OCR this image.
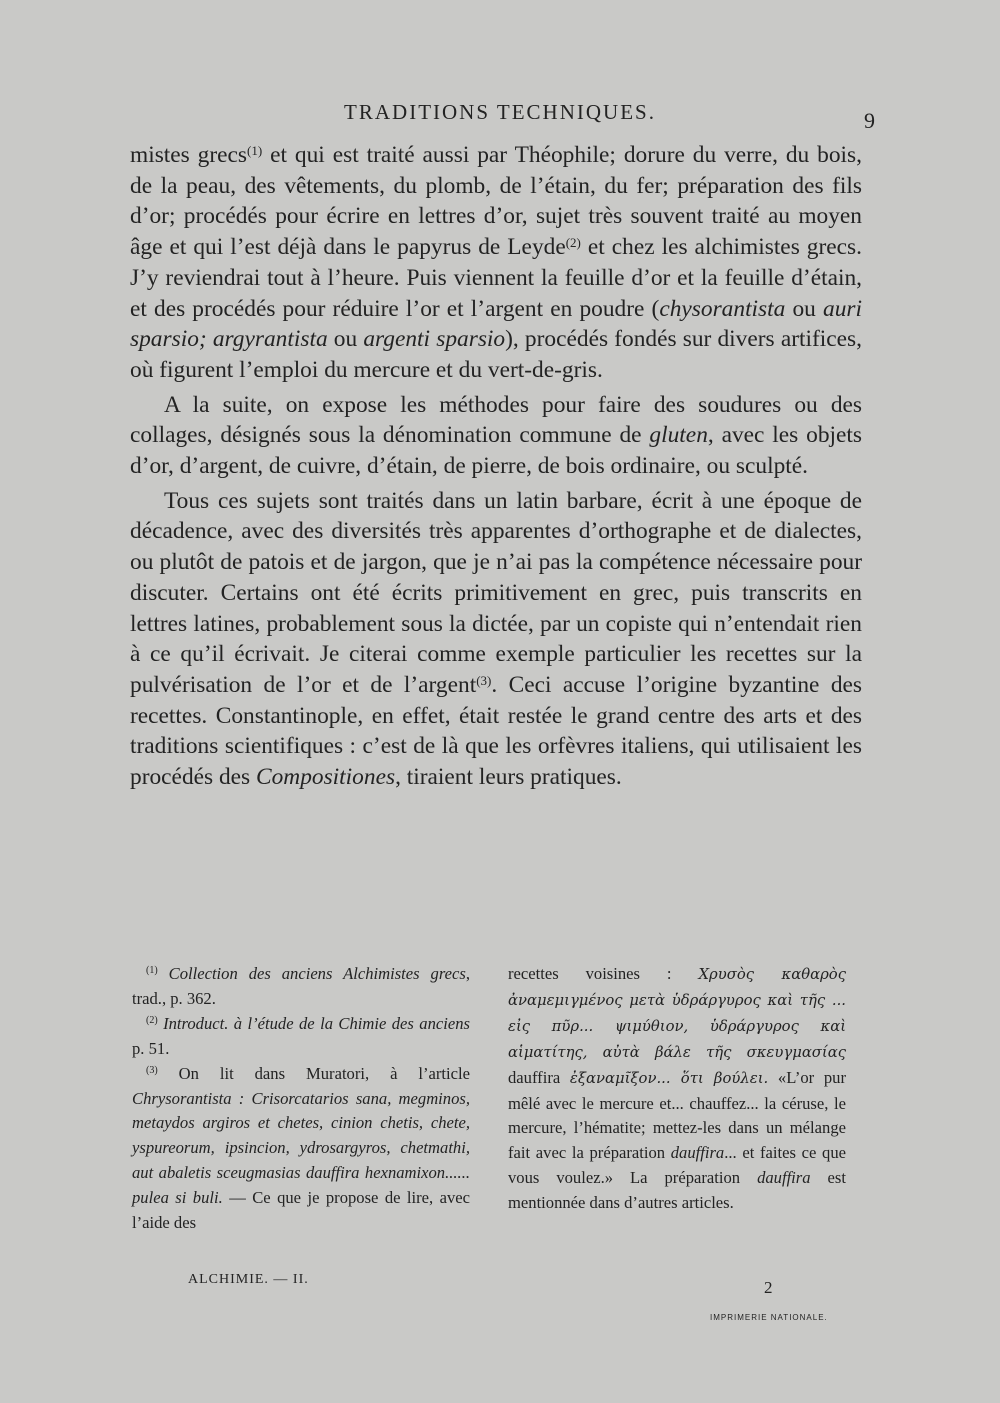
TRADITIONS TECHNIQUES.	9

mistes grecs$^{(1)}$ et qui est traité aussi par Théophile; dorure du verre, du bois, de la peau, des vêtements, du plomb, de l’étain, du fer; préparation des fils d’or; procédés pour écrire en lettres d’or, sujet très souvent traité au moyen âge et qui l’est déjà dans le papyrus de Leyde$^{(2)}$ et chez les alchimistes grecs. J’y reviendrai tout à l’heure. Puis viennent la feuille d’or et la feuille d’étain, et des procédés pour réduire l’or et l’argent en poudre (chysorantista ou auri sparsio; argyrantista ou argenti sparsio), procédés fondés sur divers artifices, où figurent l’emploi du mercure et du vert-de-gris.

A la suite, on expose les méthodes pour faire des soudures ou des collages, désignés sous la dénomination commune de gluten, avec les objets d’or, d’argent, de cuivre, d’étain, de pierre, de bois ordinaire, ou sculpté.

Tous ces sujets sont traités dans un latin barbare, écrit à une époque de décadence, avec des diversités très apparentes d’orthographe et de dialectes, ou plutôt de patois et de jargon, que je n’ai pas la compétence nécessaire pour discuter. Certains ont été écrits primitivement en grec, puis transcrits en lettres latines, probablement sous la dictée, par un copiste qui n’entendait rien à ce qu’il écrivait. Je citerai comme exemple particulier les recettes sur la pulvérisation de l’or et de l’argent$^{(3)}$. Ceci accuse l’origine byzantine des recettes. Constantinople, en effet, était restée le grand centre des arts et des traditions scientifiques : c’est de là que les orfèvres italiens, qui utilisaient les procédés des Compositiones, tiraient leurs pratiques.

$^{(1)}$ Collection des anciens Alchimistes grecs, trad., p. 362.

$^{(2)}$ Introduct. à l’étude de la Chimie des anciens p. 51.

$^{(3)}$ On lit dans Muratori, à l’article Chrysorantista : Crisorcatarios sana, megminos, metaydos argiros et chetes, cinion chetis, chete, yspureorum, ipsincion, ydrosargyros, chetmathi, aut abaletis sceugmasias dauffira hexnamixon...... pulea si buli. — Ce que je propose de lire, avec l’aide des

recettes voisines : Χρυσὸς καθαρὸς ἀναμεμιγμένος μετὰ ὑδράργυρος καὶ τῆς ... εἰς πῦρ... ψιμύθιον, ὑδράργυρος καὶ αἱματίτης, αὐτὰ βάλε τῆς σκευγμασίας dauffira ἐξαναμῖξον... ὅτι βούλει. «L’or pur mêlé avec le mercure et... chauffez... la céruse, le mercure, l’hématite; mettez-les dans un mélange fait avec la préparation dauffira... et faites ce que vous voulez.» La préparation dauffira est mentionnée dans d’autres articles.

ALCHIMIE. — II.	2
IMPRIMERIE NATIONALE.
